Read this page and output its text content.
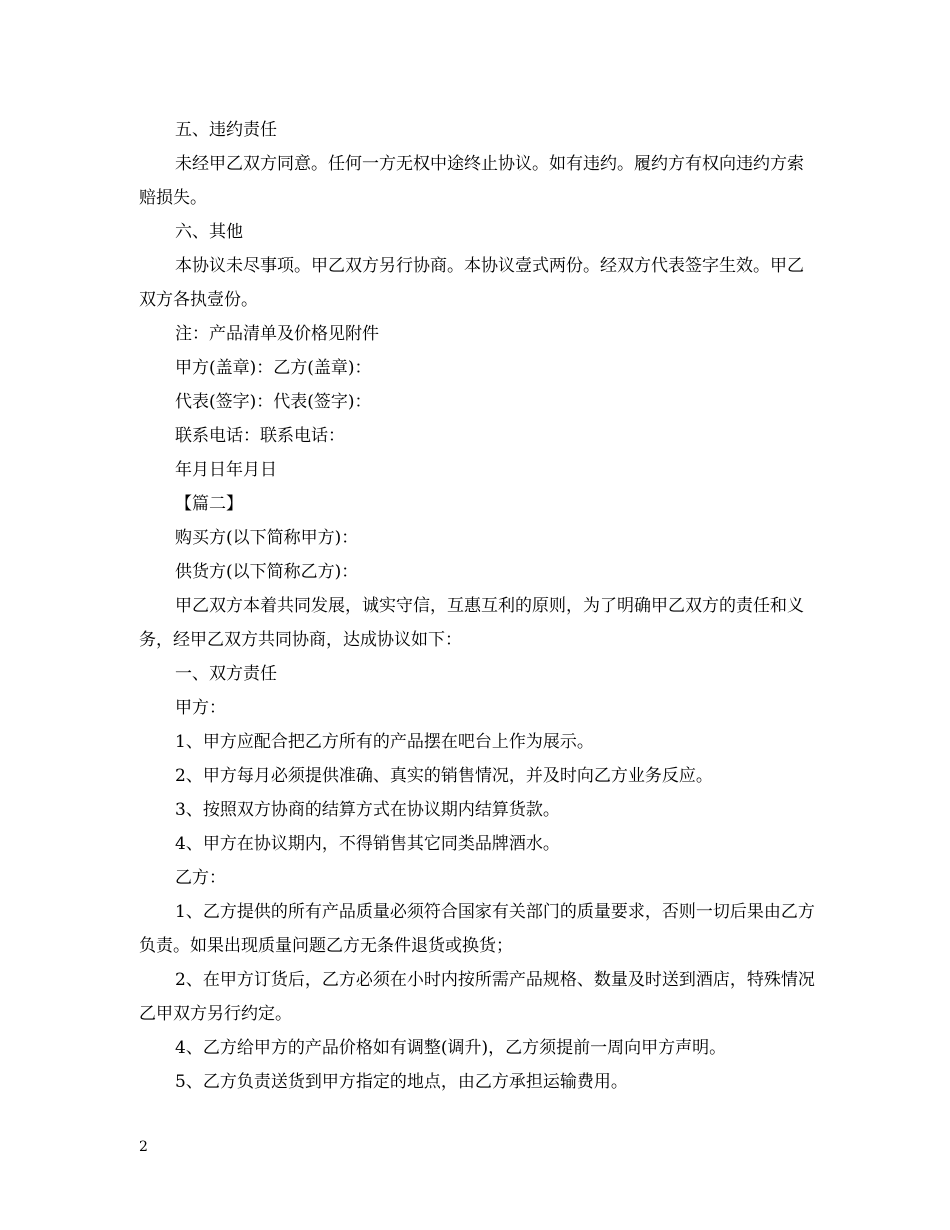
五、违约责任

未经甲乙双方同意。任何一方无权中途终止协议。如有违约。履约方有权向违约方索赔损失。

六、其他

本协议未尽事项。甲乙双方另行协商。本协议壹式两份。经双方代表签字生效。甲乙双方各执壹份。

注：产品清单及价格见附件

甲方(盖章)：乙方(盖章)：

代表(签字)：代表(签字)：

联系电话：联系电话：

年月日年月日

【篇二】

购买方(以下简称甲方)：

供货方(以下简称乙方)：

甲乙双方本着共同发展，诚实守信，互惠互利的原则，为了明确甲乙双方的责任和义务，经甲乙双方共同协商，达成协议如下：

一、双方责任

甲方：

1、甲方应配合把乙方所有的产品摆在吧台上作为展示。

2、甲方每月必须提供准确、真实的销售情况，并及时向乙方业务反应。

3、按照双方协商的结算方式在协议期内结算货款。

4、甲方在协议期内，不得销售其它同类品牌酒水。

乙方：

1、乙方提供的所有产品质量必须符合国家有关部门的质量要求，否则一切后果由乙方负责。如果出现质量问题乙方无条件退货或换货；

2、在甲方订货后，乙方必须在小时内按所需产品规格、数量及时送到酒店，特殊情况乙甲双方另行约定。

4、乙方给甲方的产品价格如有调整(调升)，乙方须提前一周向甲方声明。

5、乙方负责送货到甲方指定的地点，由乙方承担运输费用。

2
